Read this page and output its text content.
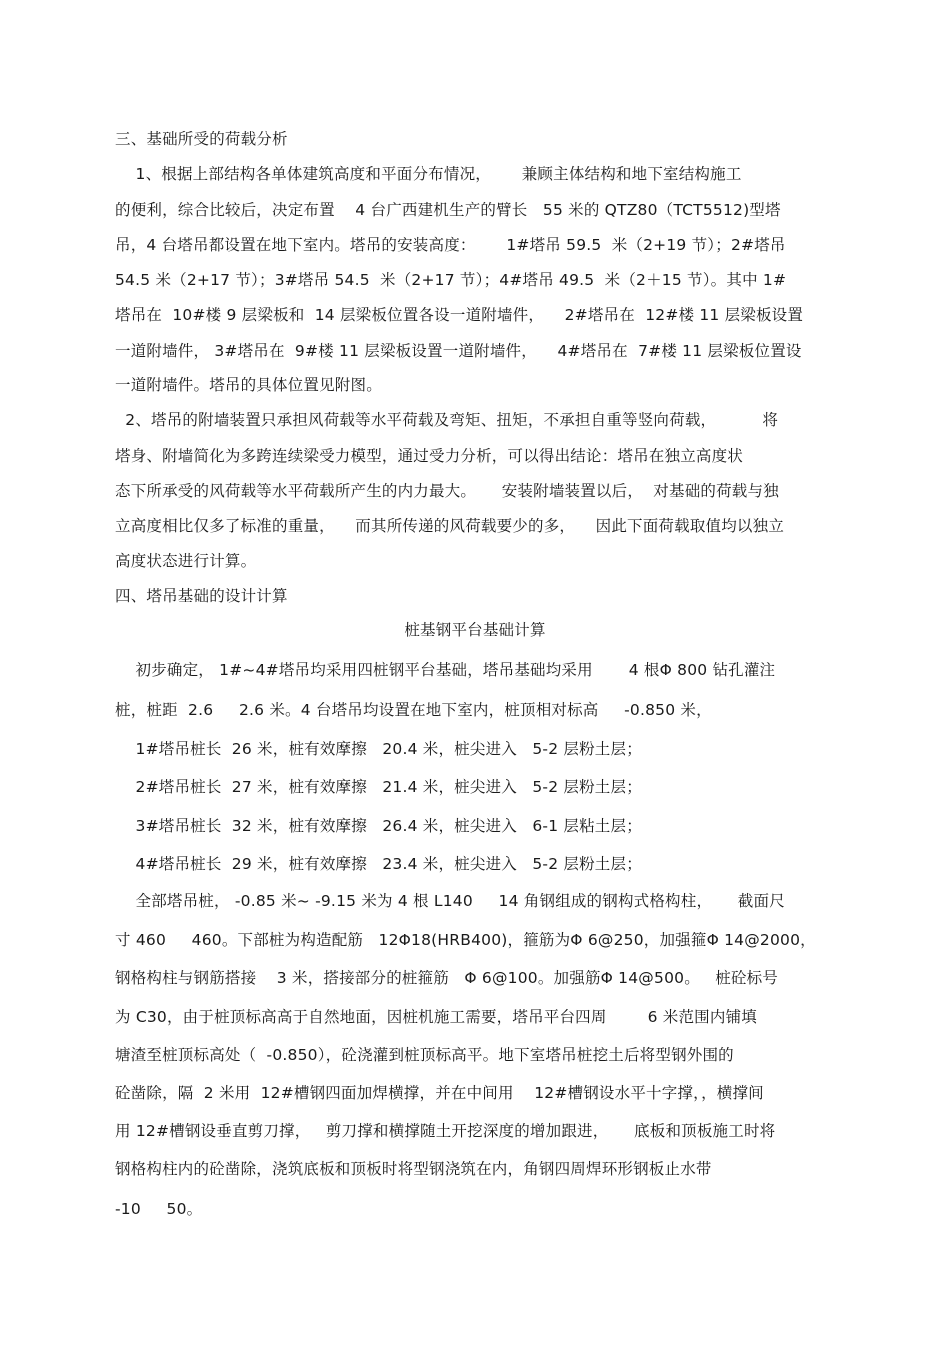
三、基础所受的荷载分析
1、根据上部结构各单体建筑高度和平面分布情况，      兼顾主体结构和地下室结构施工
的便利，综合比较后，决定布置    4 台广西建机生产的臂长   55 米的 QTZ80（TCT5512)型塔
吊，4 台塔吊都设置在地下室内。塔吊的安装高度：      1#塔吊 59.5  米（2+19 节）；2#塔吊
54.5 米（2+17 节）；3#塔吊 54.5  米（2+17 节）；4#塔吊 49.5  米（2＋15 节）。其中 1#
塔吊在  10#楼 9 层梁板和  14 层梁板位置各设一道附墙件，    2#塔吊在  12#楼 11 层梁板设置
一道附墙件， 3#塔吊在  9#楼 11 层梁板设置一道附墙件，    4#塔吊在  7#楼 11 层梁板位置设
一道附墙件。塔吊的具体位置见附图。
2、塔吊的附墙装置只承担风荷载等水平荷载及弯矩、扭矩，不承担自重等竖向荷载，         将
塔身、附墙简化为多跨连续梁受力模型，通过受力分析，可以得出结论：塔吊在独立高度状
态下所承受的风荷载等水平荷载所产生的内力最大。     安装附墙装置以后，  对基础的荷载与独
立高度相比仅多了标准的重量，    而其所传递的风荷载要少的多，    因此下面荷载取值均以独立
高度状态进行计算。
四、塔吊基础的设计计算
桩基钢平台基础计算
初步确定， 1#~4#塔吊均采用四桩钢平台基础，塔吊基础均采用       4 根Φ 800 钻孔灌注
桩，桩距  2.6     2.6 米。4 台塔吊均设置在地下室内，桩顶相对标高     -0.850 米，
1#塔吊桩长  26 米，桩有效摩擦   20.4 米，桩尖进入   5-2 层粉土层；
2#塔吊桩长  27 米，桩有效摩擦   21.4 米，桩尖进入   5-2 层粉土层；
3#塔吊桩长  32 米，桩有效摩擦   26.4 米，桩尖进入   6-1 层粘土层；
4#塔吊桩长  29 米，桩有效摩擦   23.4 米，桩尖进入   5-2 层粉土层；
全部塔吊桩， -0.85 米~ -9.15 米为 4 根 L140     14 角钢组成的钢构式格构柱，     截面尺
寸 460     460。下部桩为构造配筋   12Φ18(HRB400)，箍筋为Φ 6@250，加强箍Φ 14@2000，
钢格构柱与钢筋搭接    3 米，搭接部分的桩箍筋   Φ 6@100。加强筋Φ 14@500。   桩砼标号
为 C30，由于桩顶标高高于自然地面，因桩机施工需要，塔吊平台四周        6 米范围内铺填
塘渣至桩顶标高处（  -0.850），砼浇灌到桩顶标高平。地下室塔吊桩挖土后将型钢外围的
砼凿除，隔  2 米用  12#槽钢四面加焊横撑，并在中间用    12#槽钢设水平十字撑，，横撑间
用 12#槽钢设垂直剪刀撑，   剪刀撑和横撑随土开挖深度的增加跟进，     底板和顶板施工时将
钢格构柱内的砼凿除，浇筑底板和顶板时将型钢浇筑在内，角钢四周焊环形钢板止水带
-10     50。
